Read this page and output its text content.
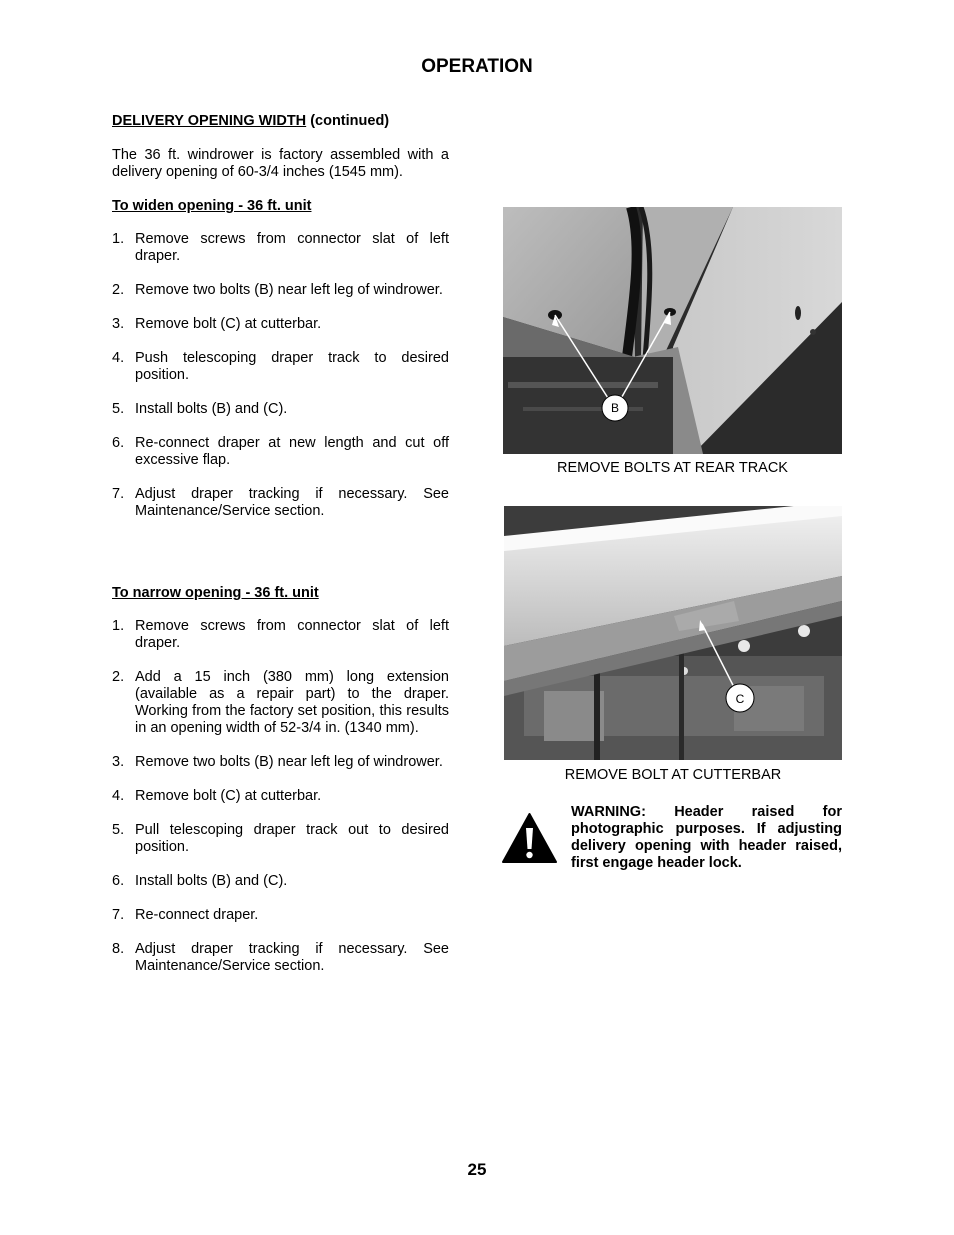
OPERATION
DELIVERY OPENING WIDTH (continued)
The 36 ft. windrower is factory assembled with a delivery opening of 60-3/4 inches (1545 mm).
To widen opening - 36 ft. unit
1. Remove screws from connector slat of left draper.
2. Remove two bolts (B) near left leg of windrower.
3. Remove bolt (C) at cutterbar.
4. Push telescoping draper track to desired position.
5. Install bolts (B) and (C).
6. Re-connect draper at new length and cut off excessive flap.
7. Adjust draper tracking if necessary. See Maintenance/Service section.
To narrow opening - 36 ft. unit
1. Remove screws from connector slat of left draper.
2. Add a 15 inch (380 mm) long extension (available as a repair part) to the draper. Working from the factory set position, this results in an opening width of 52-3/4 in. (1340 mm).
3. Remove two bolts (B) near left leg of windrower.
4. Remove bolt (C) at cutterbar.
5. Pull telescoping draper track out to desired position.
6. Install bolts (B) and (C).
7. Re-connect draper.
8. Adjust draper tracking if necessary. See Maintenance/Service section.
B
REMOVE BOLTS AT REAR TRACK
C
REMOVE BOLT AT CUTTERBAR
WARNING: Header raised for photographic purposes. If adjusting delivery opening with header raised, first engage header lock.
25
